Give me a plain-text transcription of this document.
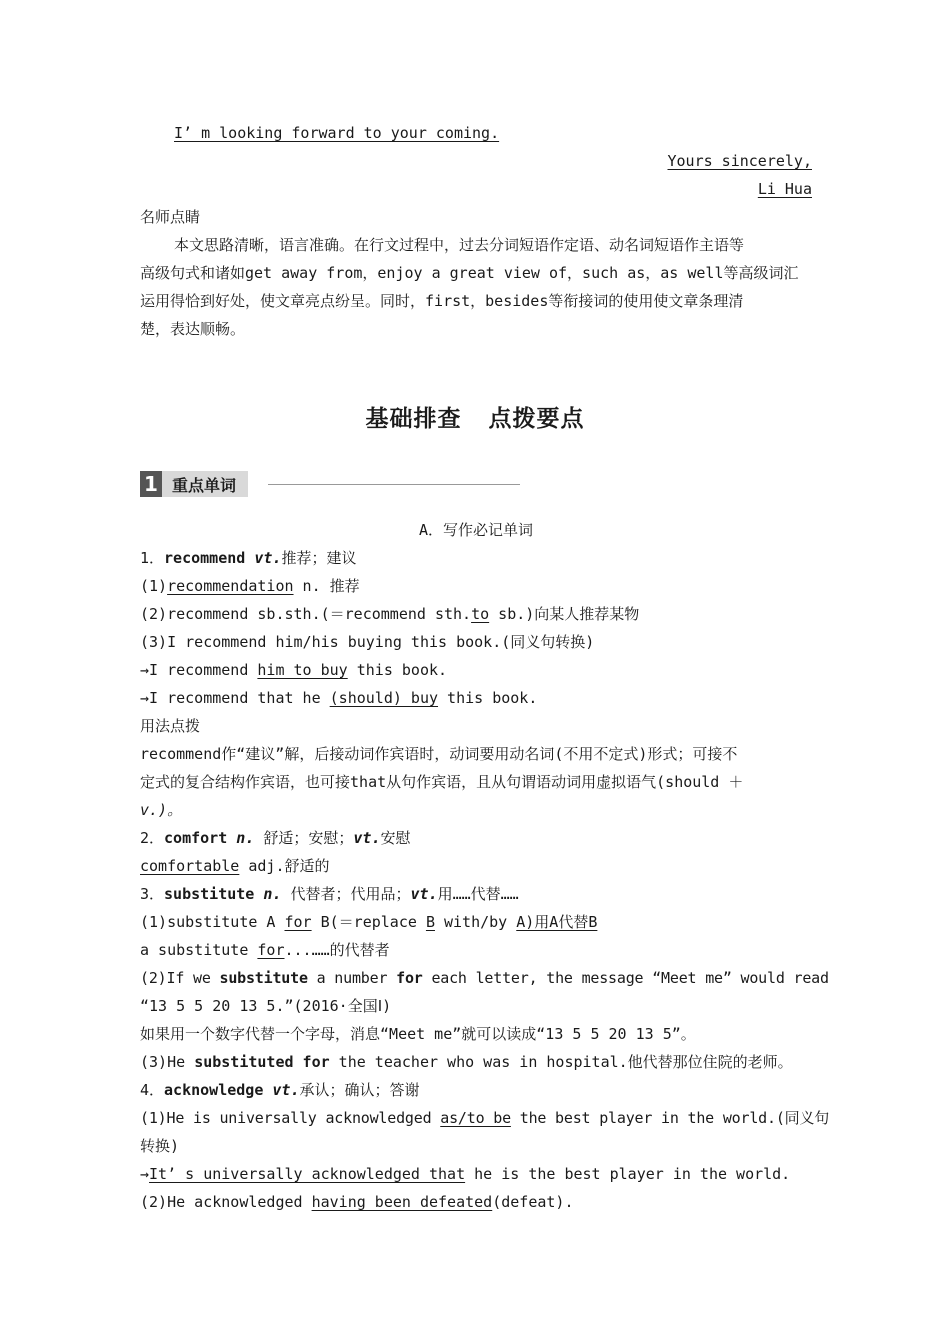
I’ m looking forward to your coming.
Yours sincerely,
Li Hua
名师点睛
本文思路清晰，语言准确。在行文过程中，过去分词短语作定语、动名词短语作主语等
高级句式和诸如get away from，enjoy a great view of，such as，as well等高级词汇
运用得恰到好处，使文章亮点纷呈。同时，first，besides等衔接词的使用使文章条理清
楚，表达顺畅。
基础排查 点拨要点
1 重点单词
A．写作必记单词
1．recommend vt.推荐；建议
(1)recommendation n. 推荐
(2)recommend sb.sth.(＝recommend sth.to sb.)向某人推荐某物
(3)I recommend him/his buying this book.(同义句转换)
→I recommend him to buy this book.
→I recommend that he (should) buy this book.
用法点拨
recommend作“建议”解，后接动词作宾语时，动词要用动名词(不用不定式)形式；可接不
定式的复合结构作宾语，也可接that从句作宾语，且从句谓语动词用虚拟语气(should ＋
v.)。
2．comfort n. 舒适；安慰；vt.安慰
comfortable adj.舒适的
3．substitute n. 代替者；代用品；vt.用……代替……
(1)substitute A for B(＝replace B with/by A)用A代替B
a substitute for...……的代替者
(2)If we substitute a number for each letter, the message “Meet me” would read
“13 5 5 20 13 5.”(2016·全国Ⅰ)
如果用一个数字代替一个字母，消息“Meet me”就可以读成“13 5 5 20 13 5”。
(3)He substituted for the teacher who was in hospital.他代替那位住院的老师。
4．acknowledge vt.承认；确认；答谢
(1)He is universally acknowledged as/to be the best player in the world.(同义句
转换)
→It’ s universally acknowledged that he is the best player in the world.
(2)He acknowledged having been defeated(defeat).
